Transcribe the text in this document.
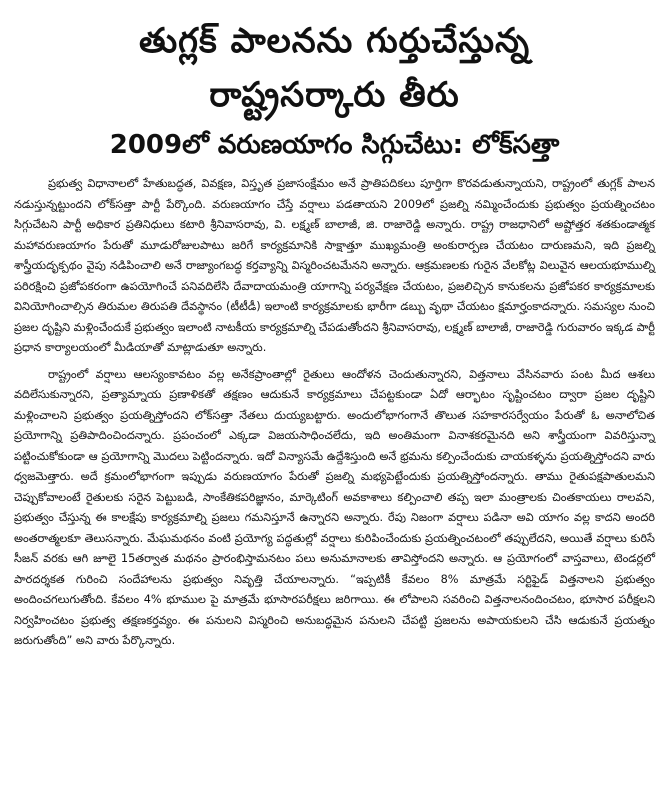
తుగ్లక్ పాలనను గుర్తుచేస్తున్న
రాష్ట్రసర్కారు తీరు
2009లో వరుణయాగం సిగ్గుచేటు: లోక్‌సత్తా

ప్రభుత్వ విధానాలలో హేతుబద్ధత, వివక్షణ, విస్తృత ప్రజాసంక్షేమం అనే ప్రాతిపదికలు పూర్తిగా కొరవడుతున్నాయని, రాష్ట్రంలో తుగ్లక్ పాలన నడుస్తున్నట్టుందని లోక్‌సత్తా పార్టీ పేర్కొంది. వరుణయాగం చేస్తే వర్షాలు పడతాయని 2009లో ప్రజల్ని నమ్మించేందుకు ప్రభుత్వం ప్రయత్నించటం సిగ్గుచేటని పార్టీ అధికార ప్రతినిధులు కటారి శ్రీనివాసరావు, వి. లక్ష్మణ్ బాలాజీ, జి. రాజారెడ్డి అన్నారు. రాష్ట్ర రాజధానిలో అష్టోత్తర శతకుండాత్మక మహావరుణయాగం పేరుతో మూడురోజులపాటు జరిగే కార్యక్రమానికి సాక్షాత్తూ ముఖ్యమంత్రి అంకురార్పణ చేయటం దారుణమని, ఇది ప్రజల్ని శాస్త్రీయదృక్పథం వైపు నడిపించాలి అనే రాజ్యాంగబద్ధ కర్తవ్యాన్ని విస్మరించటమేనని అన్నారు. ఆక్రమణలకు గురైన వేలకోట్ల విలువైన ఆలయభూముల్ని పరిరక్షించి ప్రజోపకరంగా ఉపయోగించే పనివదిలేసి దేవాదాయమంత్రి యాగాన్ని పర్యవేక్షణ చేయటం, ప్రజలిచ్చిన కానుకలను ప్రజోపకర కార్యక్రమాలకు వినియోగించాల్సిన తిరుమల తిరుపతి దేవస్థానం (టీటీడీ) ఇలాంటి కార్యక్రమాలకు భారీగా డబ్బు వృథా చేయటం క్షమార్హంకాదన్నారు. సమస్యల నుంచి ప్రజల దృష్టిని మళ్లించేందుకే ప్రభుత్వం ఇలాంటి నాటకీయ కార్యక్రమాల్ని చేపడుతోందని శ్రీనివాసరావు, లక్ష్మణ్ బాలాజీ, రాజారెడ్డి గురువారం ఇక్కడ పార్టీ ప్రధాన కార్యాలయంలో మీడియాతో మాట్లాడుతూ అన్నారు.

రాష్ట్రంలో వర్షాలు ఆలస్యంకావటం వల్ల అనేకప్రాంతాల్లో రైతులు ఆందోళన చెందుతున్నారని, విత్తనాలు వేసినవారు పంట మీద ఆశలు వదిలేసుకున్నారని, ప్రత్యామ్నాయ ప్రణాళికతో తక్షణం ఆదుకునే కార్యక్రమాలు చేపట్టకుండా ఏదో ఆర్భాటం సృష్టించటం ద్వారా ప్రజల దృష్టిని మళ్లించాలని ప్రభుత్వం ప్రయత్నిస్తోందని లోక్‌సత్తా నేతలు దుయ్యబట్టారు. అందులోభాగంగానే తొలుత సహకారసర్వేయం పేరుతో ఓ అనాలోచిత ప్రయోగాన్ని ప్రతిపాదించిందన్నారు. ప్రపంచంలో ఎక్కడా విజయసాధించలేదు, ఇది అంతిమంగా వినాశకరమైనది అని శాస్త్రీయంగా వివరిస్తున్నా పట్టించుకోకుండా ఆ ప్రయోగాన్ని మొదలు పెట్టిందన్నారు. ఇదో విన్యాసమే ఉద్దేశిస్తుంది అనే భ్రమను కల్పించేందుకు చాయకళ్ళను ప్రయత్నిస్తోందని వారు ధ్వజమెత్తారు. అదే క్రమంలోభాగంగా ఇప్పుడు వరుణయాగం పేరుతో ప్రజల్ని మభ్యపెట్టేందుకు ప్రయత్నిస్తోందన్నారు. తాము రైతుపక్షపాతులమని చెప్పుకోవాలంటే రైతులకు సరైన పెట్టుబడి, సాంకేతికపరిజ్ఞానం, మార్కెటింగ్ అవకాశాలు కల్పించాలి తప్ప ఇలా మంత్రాలకు చింతకాయలు రాలవని, ప్రభుత్వం చేస్తున్న ఈ కాలక్షేపు కార్యక్రమాల్ని ప్రజలు గమనిస్తూనే ఉన్నారని అన్నారు. రేపు నిజంగా వర్షాలు పడినా అవి యాగం వల్ల కాదని అందరి అంతరాత్మలకూ తెలుసన్నారు. మేఘమథనం వంటి ప్రయోగ్య పద్ధతుల్లో వర్షాలు కురిపించేందుకు ప్రయత్నించటంలో తప్పులేదని, అయితే వర్షాలు కురిసే సీజన్ వరకు ఆగి జూలై 15తర్వాత మథనం ప్రారంభిస్తామనటం పలు అనుమానాలకు తావిస్తోందని అన్నారు. ఆ ప్రయోగంలో వాస్తవాలు, టెండర్లలో పారదర్శకత గురించి సందేహాలను ప్రభుత్వం నివృత్తి చేయాలన్నారు. “ఇప్పటికీ కేవలం 8% మాత్రమే సర్టిఫైడ్ విత్తనాలని ప్రభుత్వం అందించగలుగుతోంది. కేవలం 4% భూముల పై మాత్రమే భూసారపరీక్షలు జరిగాయి. ఈ లోపాలని సవరించి విత్తనాలనందించటం, భూసార పరీక్షలని నిర్వహించటం ప్రభుత్వ తక్షణకర్తవ్యం. ఈ పనులని విస్మరించి అనుబద్ధమైన పనులని చేపట్టి ప్రజలను అపాయకులని చేసి ఆడుకునే ప్రయత్నం జరుగుతోంది” అని వారు పేర్కొన్నారు.
